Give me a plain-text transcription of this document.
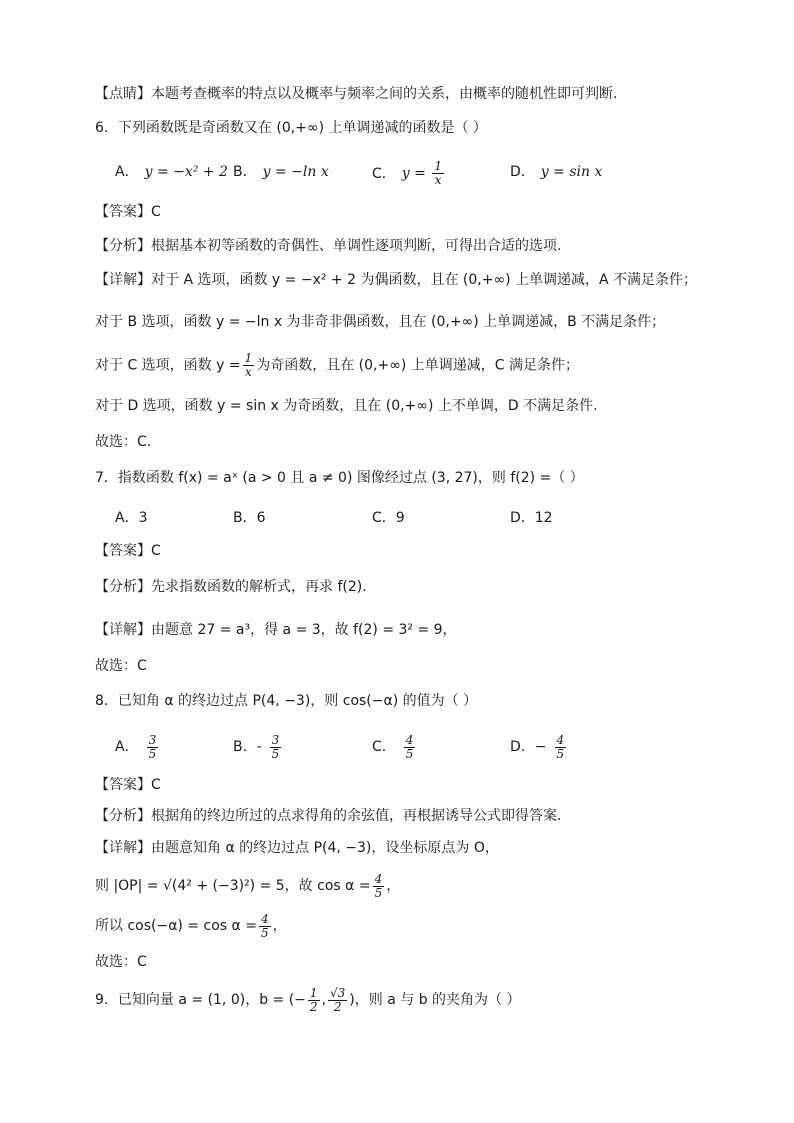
【点睛】本题考查概率的特点以及概率与频率之间的关系，由概率的随机性即可判断.
6．下列函数既是奇函数又在 (0,+∞) 上单调递减的函数是（ ）
A． y = −x² + 2 B． y = −ln x	C． $y = \frac{1}{x}$	D． y = sin x
【答案】C
【分析】根据基本初等函数的奇偶性、单调性逐项判断，可得出合适的选项.
【详解】对于 A 选项，函数 y = −x² + 2 为偶函数，且在 (0,+∞) 上单调递减，A 不满足条件；
对于 B 选项，函数 y = −ln x 为非奇非偶函数，且在 (0,+∞) 上单调递减，B 不满足条件；
对于 C 选项，函数 $y = \frac{1}{x}$ 为奇函数，且在 (0,+∞) 上单调递减，C 满足条件；
对于 D 选项，函数 y = sin x 为奇函数，且在 (0,+∞) 上不单调，D 不满足条件.
故选：C.
7．指数函数 f(x) = aˣ (a > 0 且 a ≠ 0) 图像经过点 (3, 27)，则 f(2) =（ ）
A．3	B．6	C．9	D．12
【答案】C
【分析】先求指数函数的解析式，再求 f(2).
【详解】由题意 27 = a³，得 a = 3，故 f(2) = 3² = 9，
故选：C
8．已知角 α 的终边过点 P(4, −3)，则 cos(−α) 的值为（ ）
A． $\frac{3}{5}$	B．- $\frac{3}{5}$	C． $\frac{4}{5}$	D．− $\frac{4}{5}$
【答案】C
【分析】根据角的终边所过的点求得角的余弦值，再根据诱导公式即得答案.
【详解】由题意知角 α 的终边过点 P(4, −3)，设坐标原点为 O，
则 |OP| = √(4² + (−3)²) = 5，故 $\cos \alpha = \frac{4}{5}$ ，
所以 $\cos(-\alpha) = \cos \alpha = \frac{4}{5}$ ，
故选：C
9．已知向量 a = (1, 0)，b = (− $\frac{1}{2}$ , $\frac{√3}{2}$ )，则 a 与 b 的夹角为（ ）
